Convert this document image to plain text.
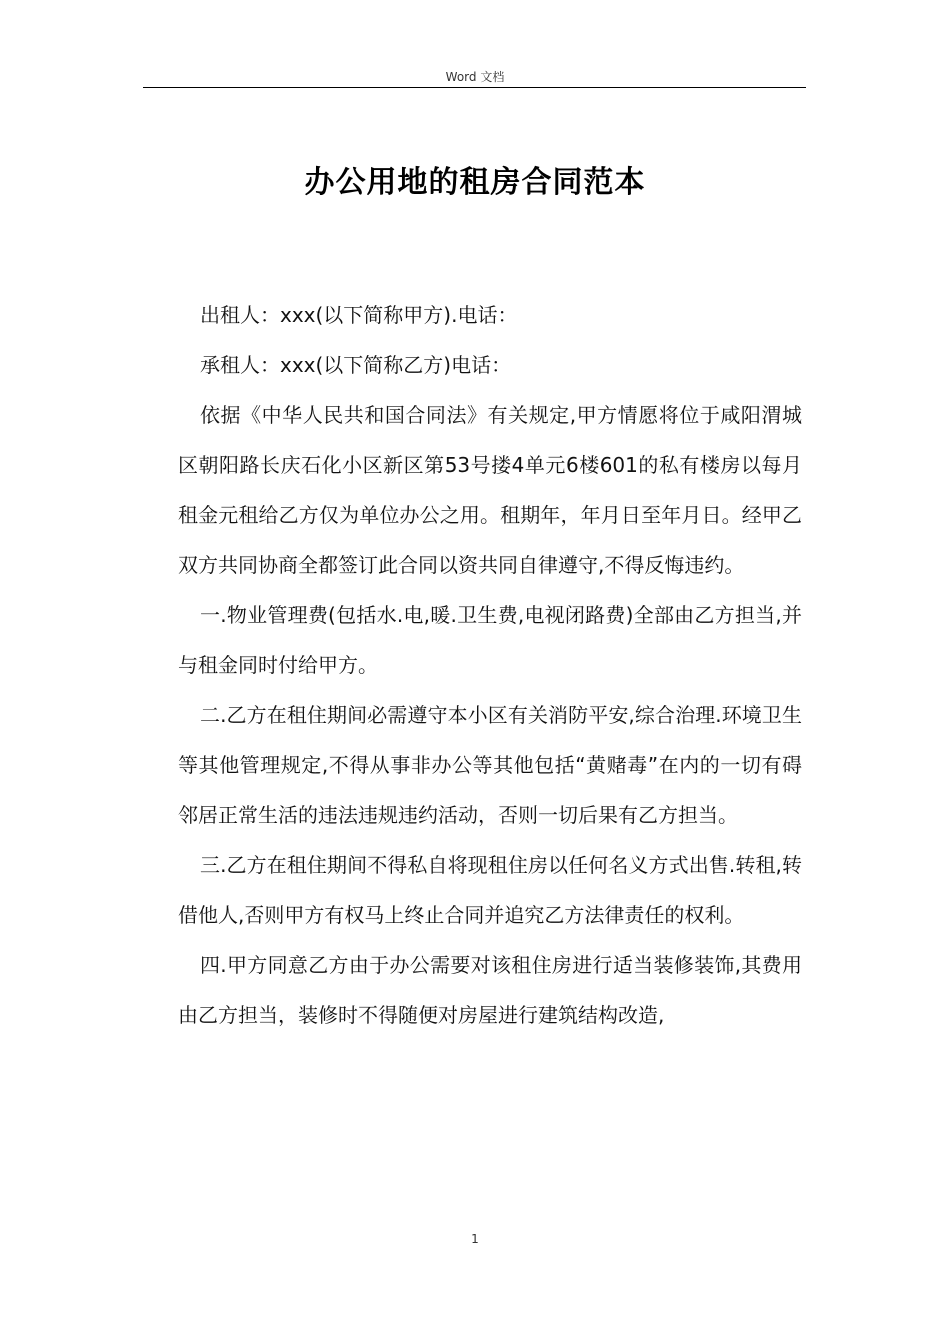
Word 文档
办公用地的租房合同范本

出租人：xxx(以下简称甲方).电话：

承租人：xxx(以下简称乙方)电话：

依据《中华人民共和国合同法》有关规定,甲方情愿将位于咸阳渭城区朝阳路长庆石化小区新区第53号搂4单元6楼601的私有楼房以每月租金元租给乙方仅为单位办公之用。租期年，年月日至年月日。经甲乙双方共同协商全都签订此合同以资共同自律遵守,不得反悔违约。

一.物业管理费(包括水.电,暖.卫生费,电视闭路费)全部由乙方担当,并与租金同时付给甲方。

二.乙方在租住期间必需遵守本小区有关消防平安,综合治理.环境卫生等其他管理规定,不得从事非办公等其他包括“黄赌毒”在内的一切有碍邻居正常生活的违法违规违约活动，否则一切后果有乙方担当。

三.乙方在租住期间不得私自将现租住房以任何名义方式出售.转租,转借他人,否则甲方有权马上终止合同并追究乙方法律责任的权利。

四.甲方同意乙方由于办公需要对该租住房进行适当装修装饰,其费用由乙方担当，装修时不得随便对房屋进行建筑结构改造,

1
